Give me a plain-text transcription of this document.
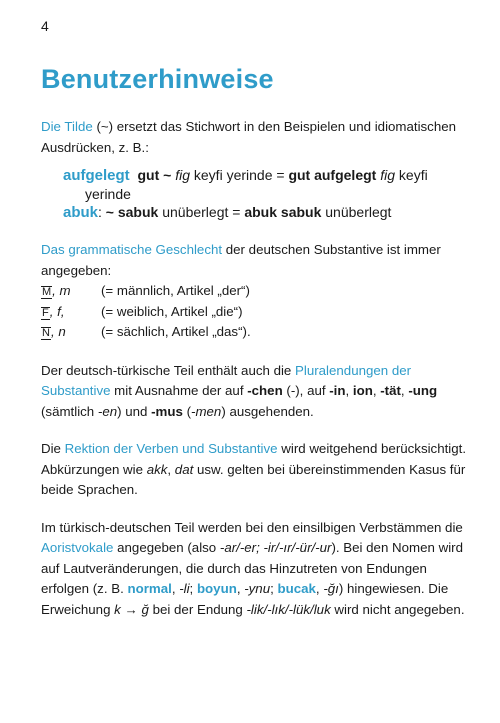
4
Benutzerhinweise

Die Tilde (~) ersetzt das Stichwort in den Beispielen und idiomatischen Ausdrücken, z. B.:

aufgelegt gut ~ fig keyfi yerinde = gut aufgelegt fig keyfi
yerinde
abuk: ~ sabuk unüberlegt = abuk sabuk unüberlegt

Das grammatische Geschlecht der deutschen Substantive ist immer angegeben:

M, m	(= männlich, Artikel „der“)
F, f,	(= weiblich, Artikel „die“)
N, n	(= sächlich, Artikel „das“).

Der deutsch-türkische Teil enthält auch die Pluralendungen der Substantive mit Ausnahme der auf -chen (-), auf -in, ion, -tät, -ung (sämtlich -en) und -mus (-men) ausgehenden.

Die Rektion der Verben und Substantive wird weitgehend berücksichtigt. Abkürzungen wie akk, dat usw. gelten bei übereinstimmenden Kasus für beide Sprachen.

Im türkisch-deutschen Teil werden bei den einsilbigen Verbstämmen die Aoristvokale angegeben (also -ar/-er; -ir/-ır/-ür/-ur). Bei den Nomen wird auf Lautveränderungen, die durch das Hinzutreten von Endungen erfolgen (z. B. normal, -li; boyun, -ynu; bucak, -ğı) hingewiesen. Die Erweichung k → ğ bei der Endung -lik/-lık/-lük/luk wird nicht angegeben.
